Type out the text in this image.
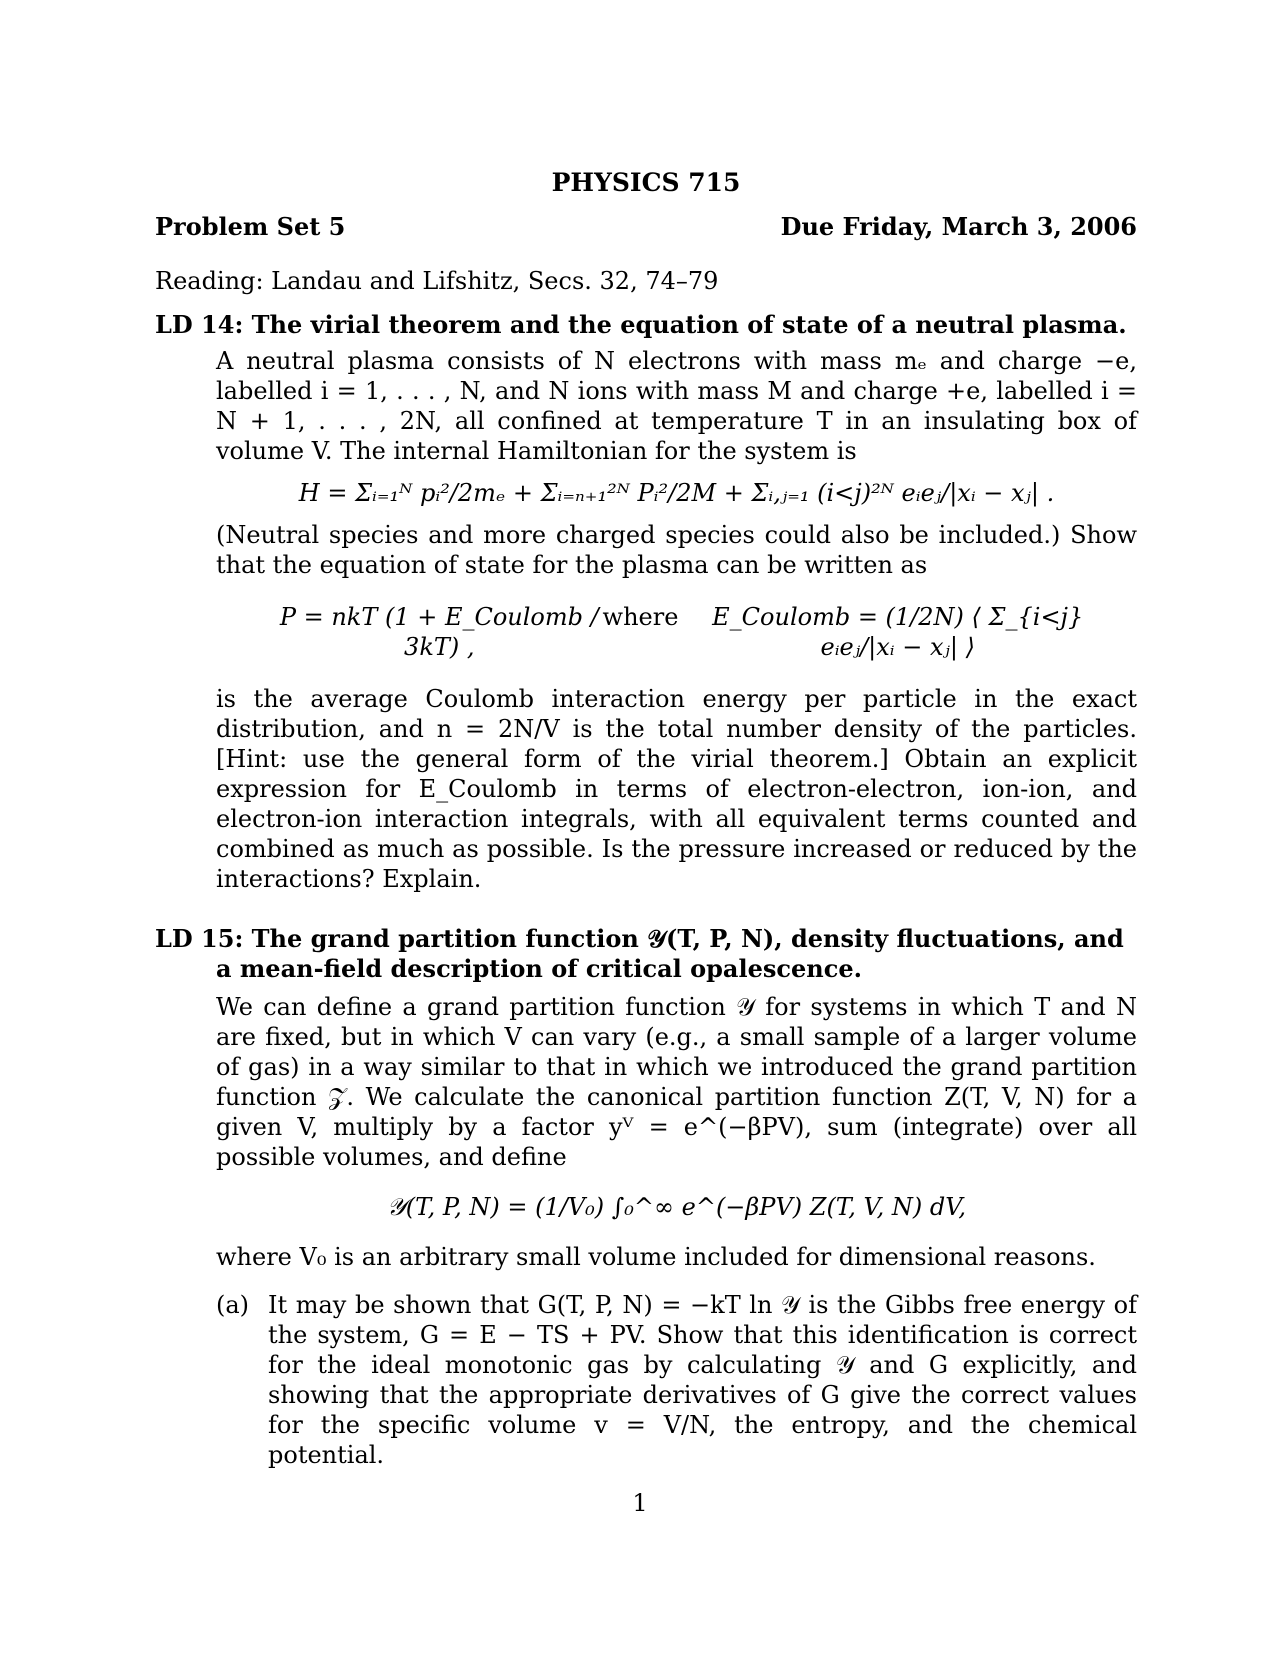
PHYSICS 715
Problem Set 5	Due Friday, March 3, 2006

Reading: Landau and Lifshitz, Secs. 32, 74–79

LD 14: The virial theorem and the equation of state of a neutral plasma.

A neutral plasma consists of N electrons with mass mₑ and charge −e, labelled i = 1, . . . , N, and N ions with mass M and charge +e, labelled i = N + 1, . . . , 2N, all confined at temperature T in an insulating box of volume V. The internal Hamiltonian for the system is

H = Σᵢ₌₁ᴺ pᵢ²/2mₑ + Σᵢ₌ₙ₊₁²ᴺ Pᵢ²/2M + Σᵢ,ⱼ₌₁ (i<j)²ᴺ eᵢeⱼ/|xᵢ − xⱼ| .

(Neutral species and more charged species could also be included.) Show that the equation of state for the plasma can be written as

P = nkT (1 + E_Coulomb / 3kT) ,
where	E_Coulomb = (1/2N) ⟨ Σ_{i<j} eᵢeⱼ/|xᵢ − xⱼ| ⟩

is the average Coulomb interaction energy per particle in the exact distribution, and n = 2N/V is the total number density of the particles. [Hint: use the general form of the virial theorem.] Obtain an explicit expression for E_Coulomb in terms of electron-electron, ion-ion, and electron-ion interaction integrals, with all equivalent terms counted and combined as much as possible. Is the pressure increased or reduced by the interactions? Explain.

LD 15: The grand partition function 𝒴(T, P, N), density fluctuations, and a mean-field description of critical opalescence.

We can define a grand partition function 𝒴 for systems in which T and N are fixed, but in which V can vary (e.g., a small sample of a larger volume of gas) in a way similar to that in which we introduced the grand partition function 𝒵. We calculate the canonical partition function Z(T, V, N) for a given V, multiply by a factor yⱽ = e^(−βPV), sum (integrate) over all possible volumes, and define

𝒴(T, P, N) = (1/V₀) ∫₀^∞ e^(−βPV) Z(T, V, N) dV,

where V₀ is an arbitrary small volume included for dimensional reasons.

(a) It may be shown that G(T, P, N) = −kT ln 𝒴 is the Gibbs free energy of the system, G = E − TS + PV. Show that this identification is correct for the ideal monotonic gas by calculating 𝒴 and G explicitly, and showing that the appropriate derivatives of G give the correct values for the specific volume v = V/N, the entropy, and the chemical potential.

1
